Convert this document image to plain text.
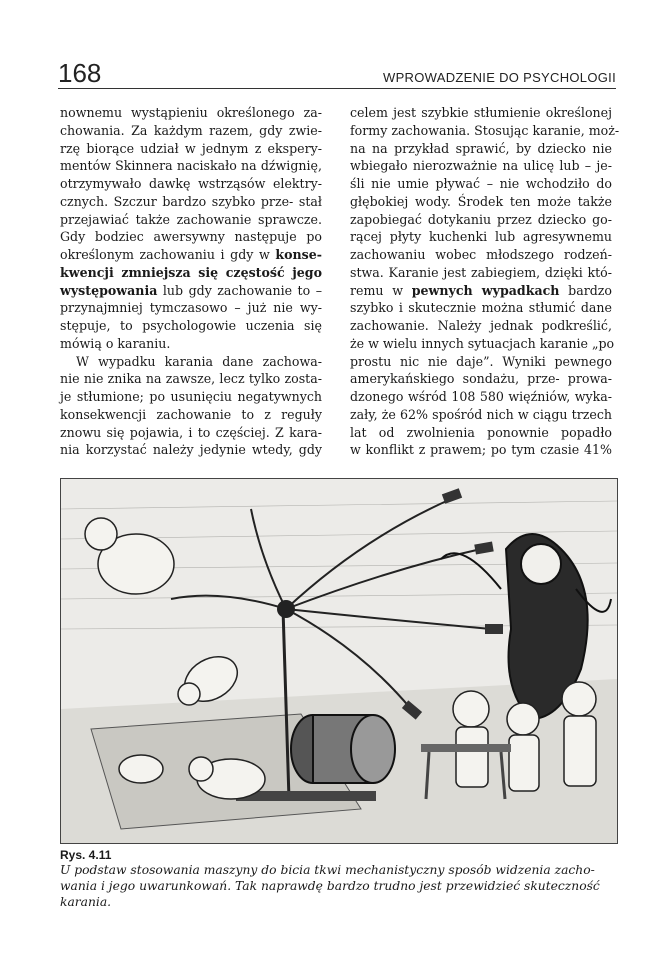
168	WPROWADZENIE DO PSYCHOLOGII
nownemu wystąpieniu określonego za-
chowania. Za każdym razem, gdy zwie-
rzę biorące udział w jednym z ekspery-
mentów Skinnera naciskało na dźwignię,
otrzymywało dawkę wstrząsów elektry-
cznych. Szczur bardzo szybko prze- stał
przejawiać także zachowanie sprawcze.
Gdy bodziec awersywny następuje po
określonym zachowaniu i gdy w konse-
kwencji zmniejsza się częstość jego
występowania lub gdy zachowanie to –
przynajmniej tymczasowo – już nie wy-
stępuje, to psychologowie uczenia się
mówią o karaniu.
W wypadku karania dane zachowa-
nie nie znika na zawsze, lecz tylko zosta-
je stłumione; po usunięciu negatywnych
konsekwencji zachowanie to z reguły
znowu się pojawia, i to częściej. Z kara-
nia korzystać należy jedynie wtedy, gdy
celem jest szybkie stłumienie określonej
formy zachowania. Stosując karanie, moż-
na na przykład sprawić, by dziecko nie
wbiegało nierozważnie na ulicę lub – je-
śli nie umie pływać – nie wchodziło do
głębokiej wody. Środek ten może także
zapobiegać dotykaniu przez dziecko go-
rącej płyty kuchenki lub agresywnemu
zachowaniu wobec młodszego rodzeń-
stwa. Karanie jest zabiegiem, dzięki któ-
remu w pewnych wypadkach bardzo
szybko i skutecznie można stłumić dane
zachowanie. Należy jednak podkreślić,
że w wielu innych sytuacjach karanie „po
prostu nic nie daje”. Wyniki pewnego
amerykańskiego sondażu, prze- prowa-
dzonego wśród 108 580 więźniów, wyka-
zały, że 62% spośród nich w ciągu trzech
lat od zwolnienia ponownie popadło
w konflikt z prawem; po tym czasie 41%
Rys. 4.11
U podstaw stosowania maszyny do bicia tkwi mechanistyczny sposób widzenia zacho-
wania i jego uwarunkowań. Tak naprawdę bardzo trudno jest przewidzieć skuteczność
karania.
